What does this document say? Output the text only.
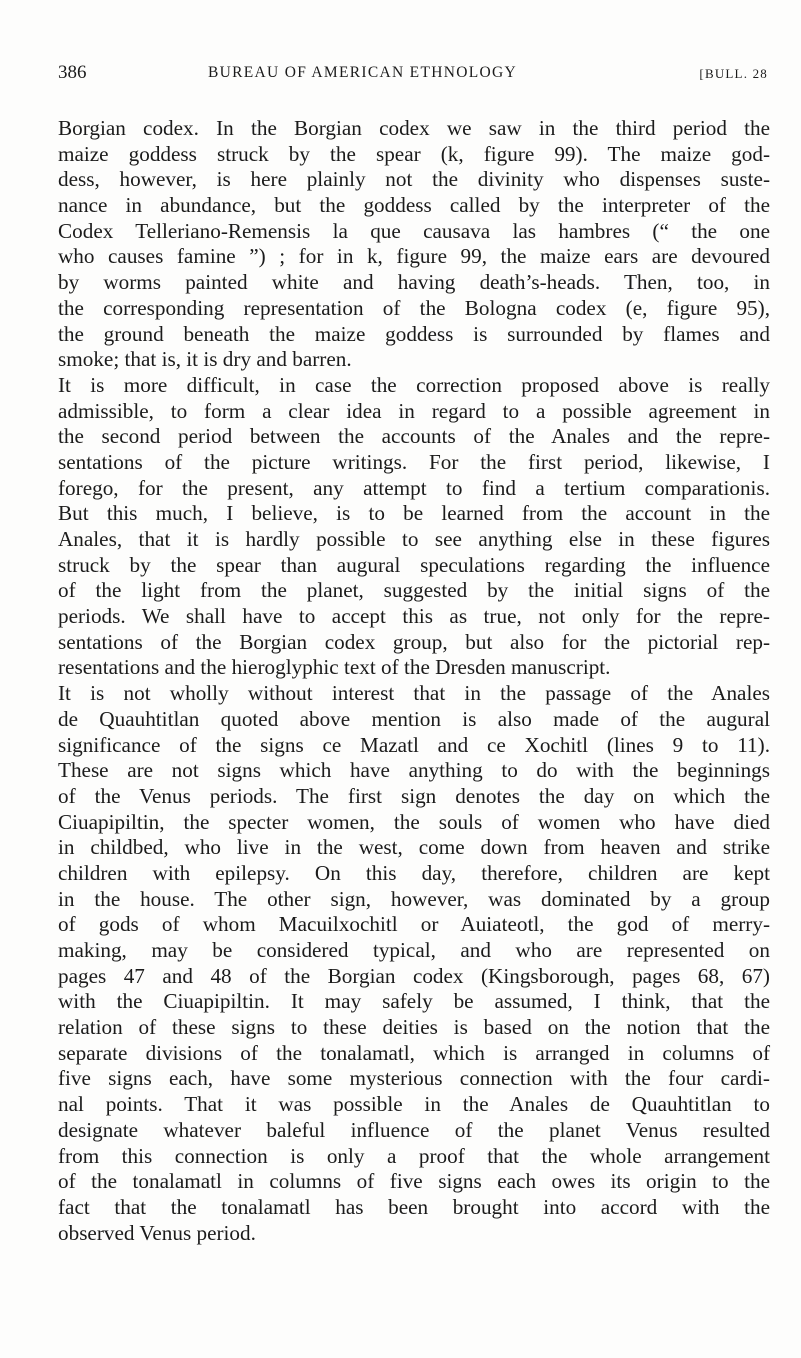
386	BUREAU OF AMERICAN ETHNOLOGY	[BULL. 28

Borgian codex. In the Borgian codex we saw in the third period the
maize goddess struck by the spear (k, figure 99). The maize god-
dess, however, is here plainly not the divinity who dispenses suste-
nance in abundance, but the goddess called by the interpreter of the
Codex Telleriano-Remensis la que causava las hambres (“ the one
who causes famine ”) ; for in k, figure 99, the maize ears are devoured
by worms painted white and having death’s-heads. Then, too, in
the corresponding representation of the Bologna codex (e, figure 95),
the ground beneath the maize goddess is surrounded by flames and
smoke; that is, it is dry and barren.

It is more difficult, in case the correction proposed above is really
admissible, to form a clear idea in regard to a possible agreement in
the second period between the accounts of the Anales and the repre-
sentations of the picture writings. For the first period, likewise, I
forego, for the present, any attempt to find a tertium comparationis.
But this much, I believe, is to be learned from the account in the
Anales, that it is hardly possible to see anything else in these figures
struck by the spear than augural speculations regarding the influence
of the light from the planet, suggested by the initial signs of the
periods. We shall have to accept this as true, not only for the repre-
sentations of the Borgian codex group, but also for the pictorial rep-
resentations and the hieroglyphic text of the Dresden manuscript.

It is not wholly without interest that in the passage of the Anales
de Quauhtitlan quoted above mention is also made of the augural
significance of the signs ce Mazatl and ce Xochitl (lines 9 to 11).
These are not signs which have anything to do with the beginnings
of the Venus periods. The first sign denotes the day on which the
Ciuapipiltin, the specter women, the souls of women who have died
in childbed, who live in the west, come down from heaven and strike
children with epilepsy. On this day, therefore, children are kept
in the house. The other sign, however, was dominated by a group
of gods of whom Macuilxochitl or Auiateotl, the god of merry-
making, may be considered typical, and who are represented on
pages 47 and 48 of the Borgian codex (Kingsborough, pages 68, 67)
with the Ciuapipiltin. It may safely be assumed, I think, that the
relation of these signs to these deities is based on the notion that the
separate divisions of the tonalamatl, which is arranged in columns of
five signs each, have some mysterious connection with the four cardi-
nal points. That it was possible in the Anales de Quauhtitlan to
designate whatever baleful influence of the planet Venus resulted
from this connection is only a proof that the whole arrangement
of the tonalamatl in columns of five signs each owes its origin to the
fact that the tonalamatl has been brought into accord with the
observed Venus period.
